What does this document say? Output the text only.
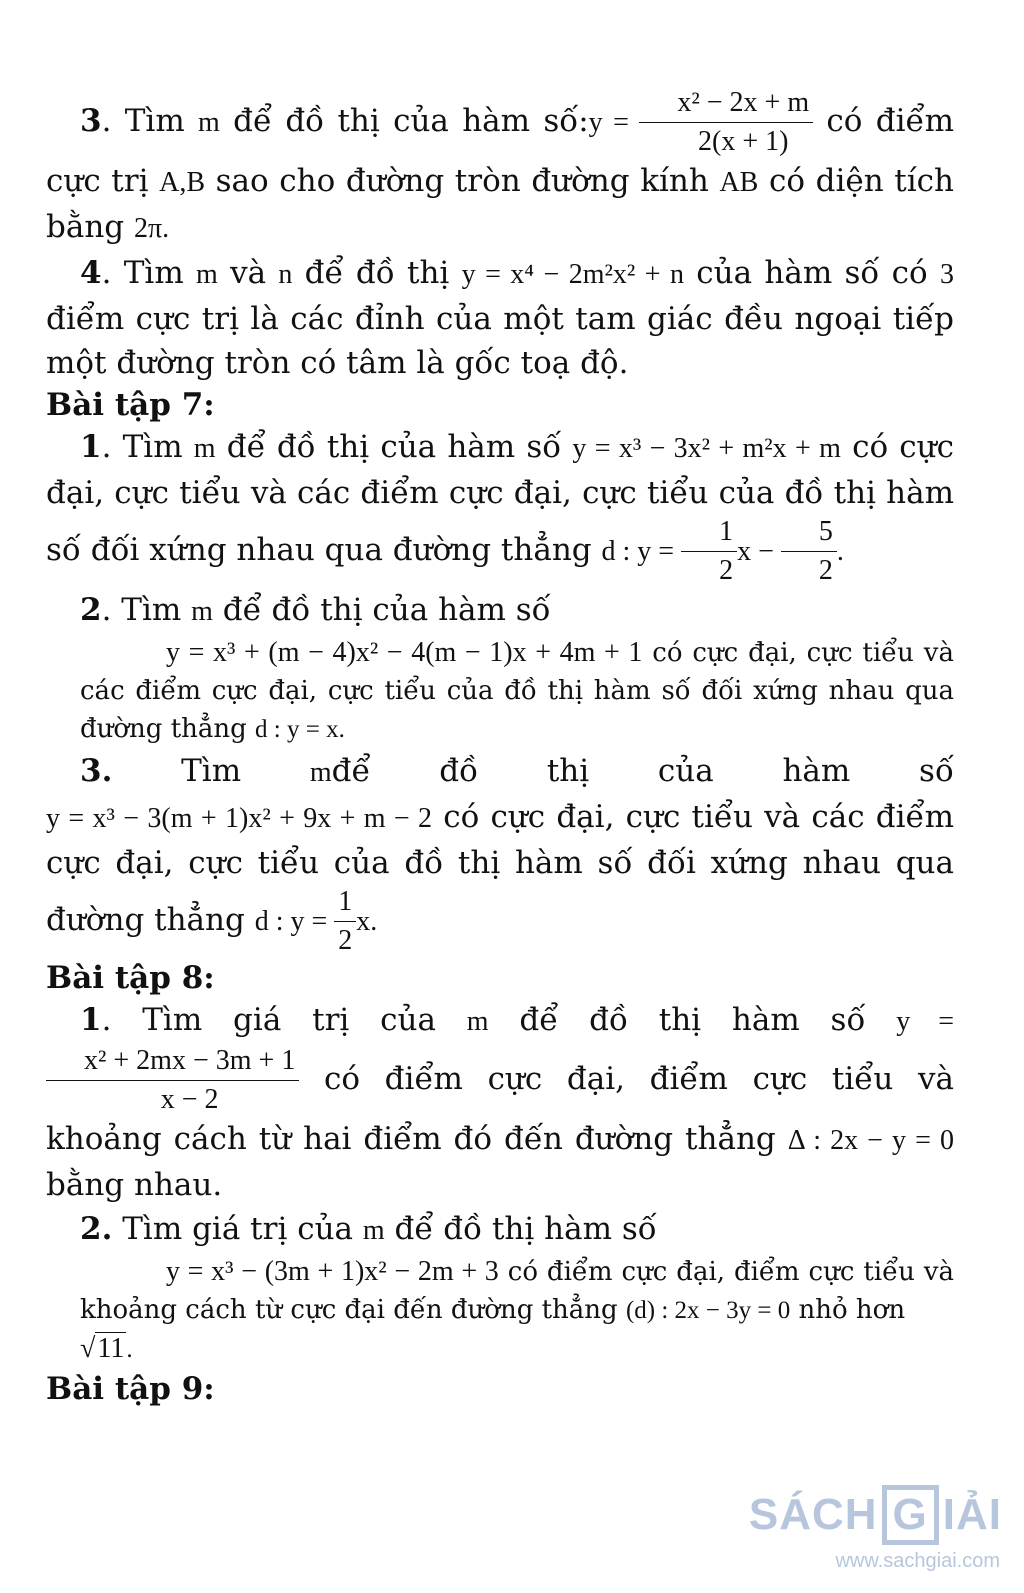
3. Tìm m để đồ thị của hàm số:y = $\frac{\text{x² − 2x + m}}{2(x + 1)}$ có điểm cực trị A,B sao cho đường tròn đường kính AB có diện tích bằng 2π.

4. Tìm m và n để đồ thị y = x⁴ − 2m²x² + n của hàm số có 3 điểm cực trị là các đỉnh của một tam giác đều ngoại tiếp một đường tròn có tâm là gốc toạ độ.

Bài tập 7:

1. Tìm m để đồ thị của hàm số y = x³ − 3x² + m²x + m có cực đại, cực tiểu và các điểm cực đại, cực tiểu của đồ thị hàm số đối xứng nhau qua đường thẳng d : $y = \frac{1}{2}$ $x - \frac{5}{2}$ .

2. Tìm m để đồ thị của hàm số

y = x³ + (m − 4)x² − 4(m − 1)x + 4m + 1 có cực đại, cực tiểu và các điểm cực đại, cực tiểu của đồ thị hàm số đối xứng nhau qua đường thẳng d : y = x.

3. Tìm mđể đồ thị của hàm số

y = x³ − 3(m + 1)x² + 9x + m − 2 có cực đại, cực tiểu và các điểm cực đại, cực tiểu của đồ thị hàm số đối xứng nhau qua đường thẳng d : $y = \frac{1}{2} x$.

Bài tập 8:

1. Tìm giá trị của m để đồ thị hàm số y =
$\frac{\text{x² + 2mx − 3m + 1}}{x - 2}$ có điểm cực đại, điểm cực tiểu và khoảng cách từ hai điểm đó đến đường thẳng Δ : 2x − y = 0 bằng nhau.

2. Tìm giá trị của m để đồ thị hàm số

y = x³ − (3m + 1)x² − 2m + 3 có điểm cực đại, điểm cực tiểu và khoảng cách từ cực đại đến đường thẳng (d) : 2x − 3y = 0 nhỏ hơn
√11.

Bài tập 9:

SÁCH G IẢI
www.sachgiai.com
